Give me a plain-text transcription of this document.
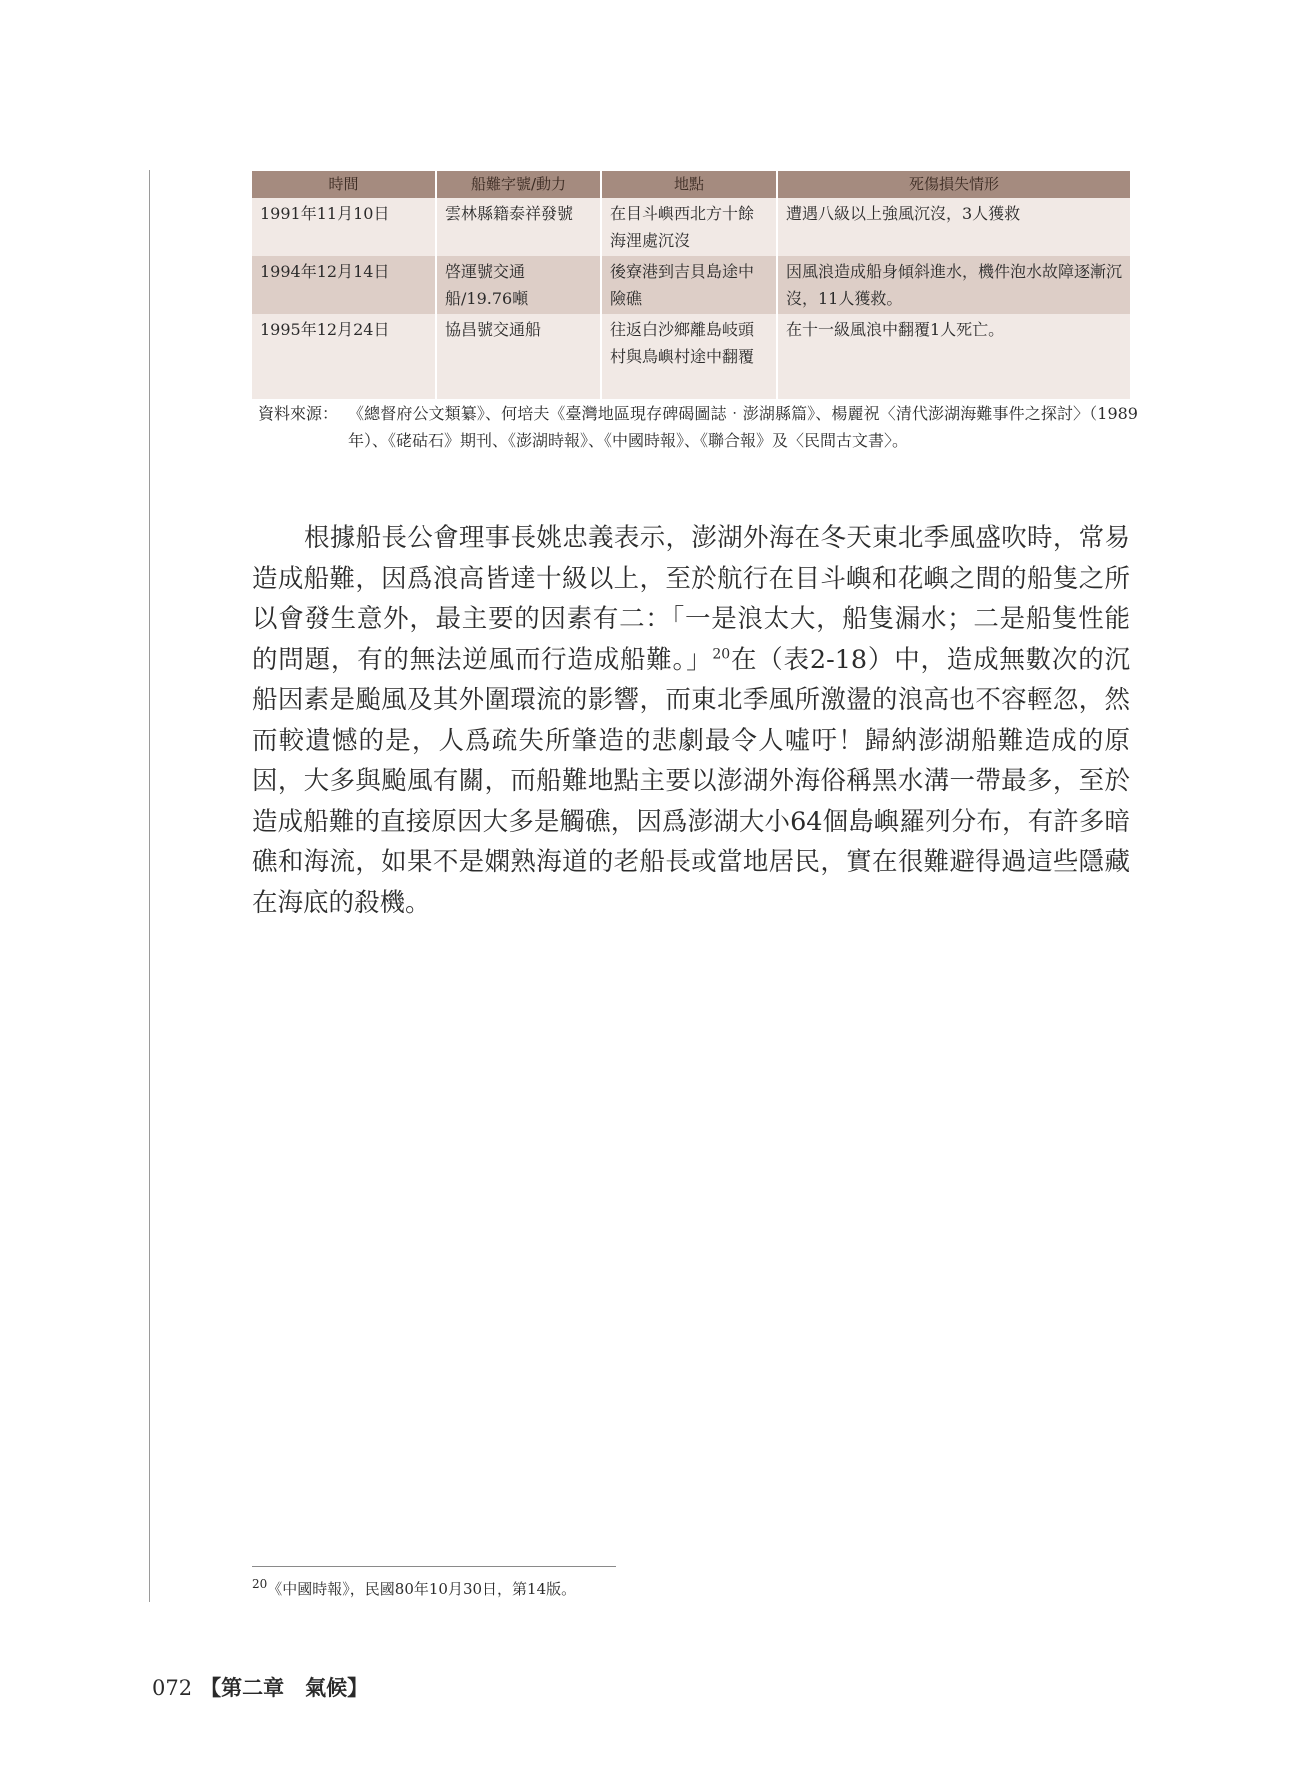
時間	船難字號/動力	地點	死傷損失情形
1991年11月10日	雲林縣籍泰祥發號	在目斗嶼西北方十餘海浬處沉沒	遭遇八級以上強風沉沒，3人獲救
1994年12月14日	啓運號交通船/19.76噸	後寮港到吉貝島途中險礁	因風浪造成船身傾斜進水，機件泡水故障逐漸沉沒，11人獲救。
1995年12月24日	協昌號交通船	往返白沙鄉離島岐頭村與鳥嶼村途中翻覆	在十一級風浪中翻覆1人死亡。
資料來源： 《總督府公文類纂》、何培夫《臺灣地區現存碑碣圖誌‧澎湖縣篇》、楊麗祝〈清代澎湖海難事件之探討〉（1989年）、《硓𥑮石》期刊、《澎湖時報》、《中國時報》、《聯合報》及〈民間古文書〉。

根據船長公會理事長姚忠義表示，澎湖外海在冬天東北季風盛吹時，常易造成船難，因爲浪高皆達十級以上，至於航行在目斗嶼和花嶼之間的船隻之所以會發生意外，最主要的因素有二：「一是浪太大，船隻漏水；二是船隻性能的問題，有的無法逆風而行造成船難。」$^{20}$在（表2-18）中，造成無數次的沉船因素是颱風及其外圍環流的影響，而東北季風所激盪的浪高也不容輕忽，然而較遺憾的是，人爲疏失所肇造的悲劇最令人噓吁！歸納澎湖船難造成的原因，大多與颱風有關，而船難地點主要以澎湖外海俗稱黑水溝一帶最多，至於造成船難的直接原因大多是觸礁，因爲澎湖大小64個島嶼羅列分布，有許多暗礁和海流，如果不是嫻熟海道的老船長或當地居民，實在很難避得過這些隱藏在海底的殺機。

$^{20}$《中國時報》，民國80年10月30日，第14版。
072 【第二章　氣候】
